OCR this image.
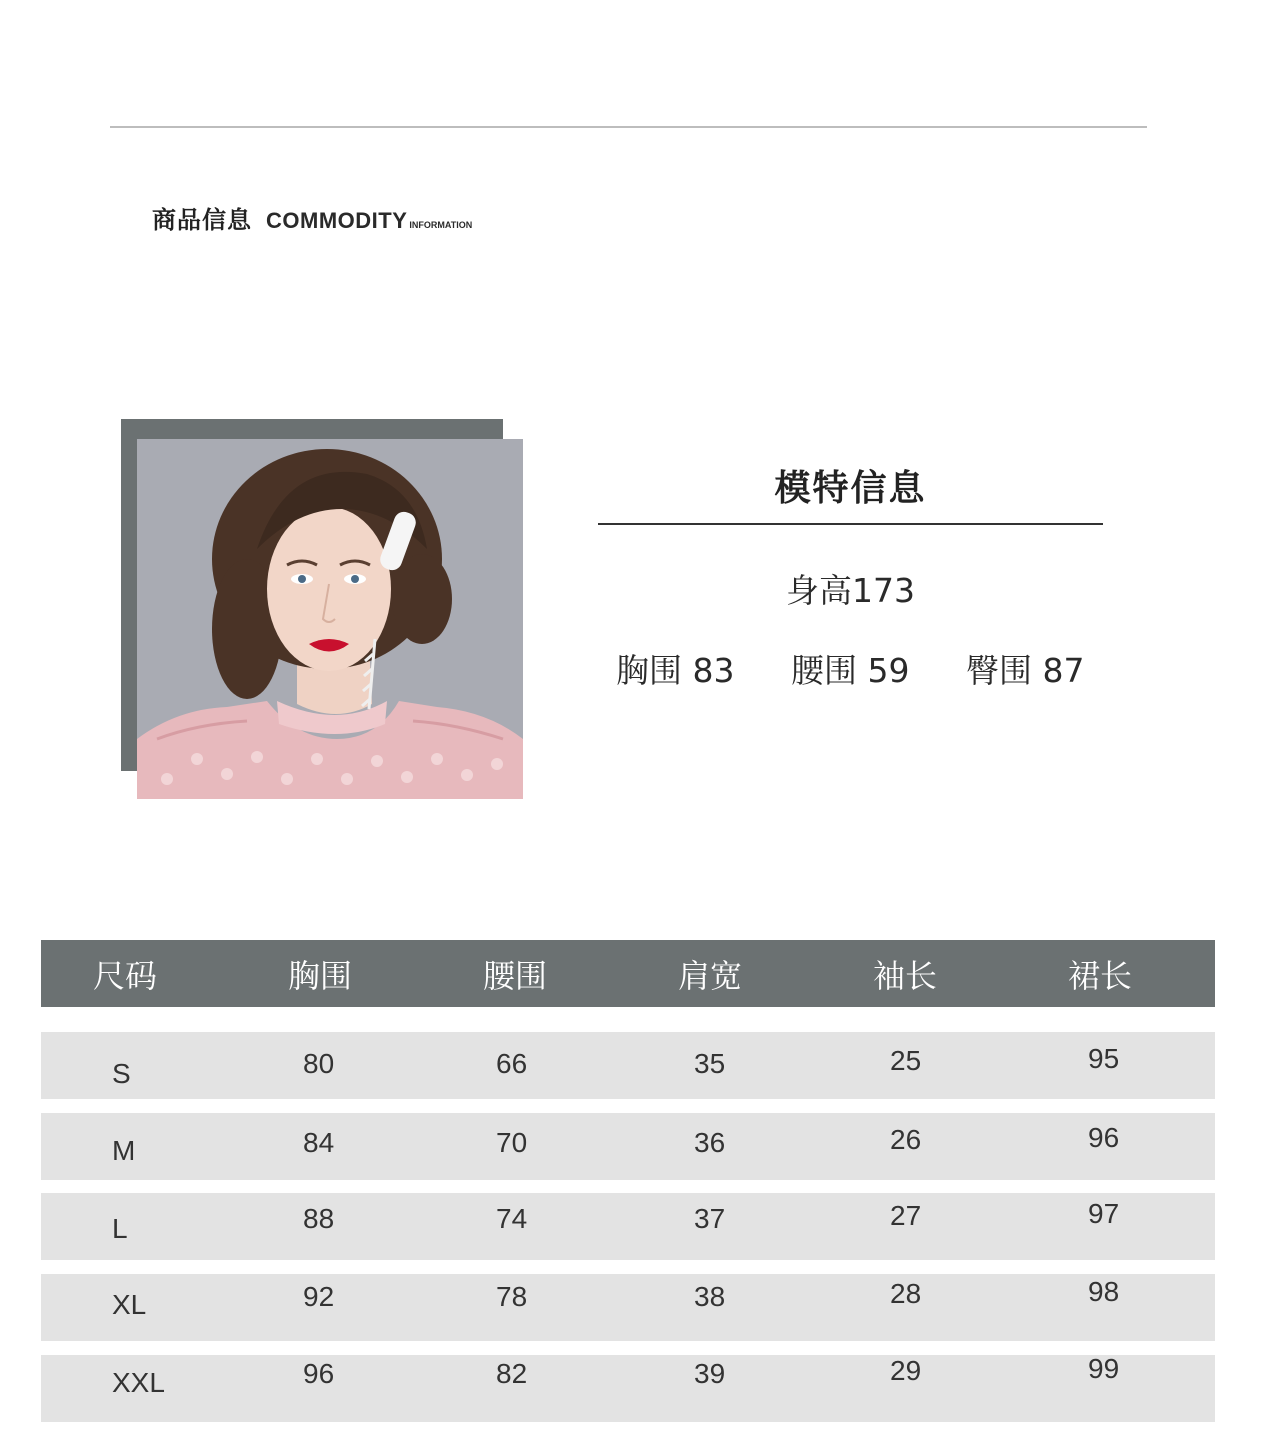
商品信息 COMMODITY INFORMATION
模特信息
身高173
胸围 83	腰围 59	臀围 87
尺码	胸围	腰围	肩宽	袖长	裙长
S	80	66	35	25	95
M	84	70	36	26	96
L	88	74	37	27	97
XL	92	78	38	28	98
XXL	96	82	39	29	99
